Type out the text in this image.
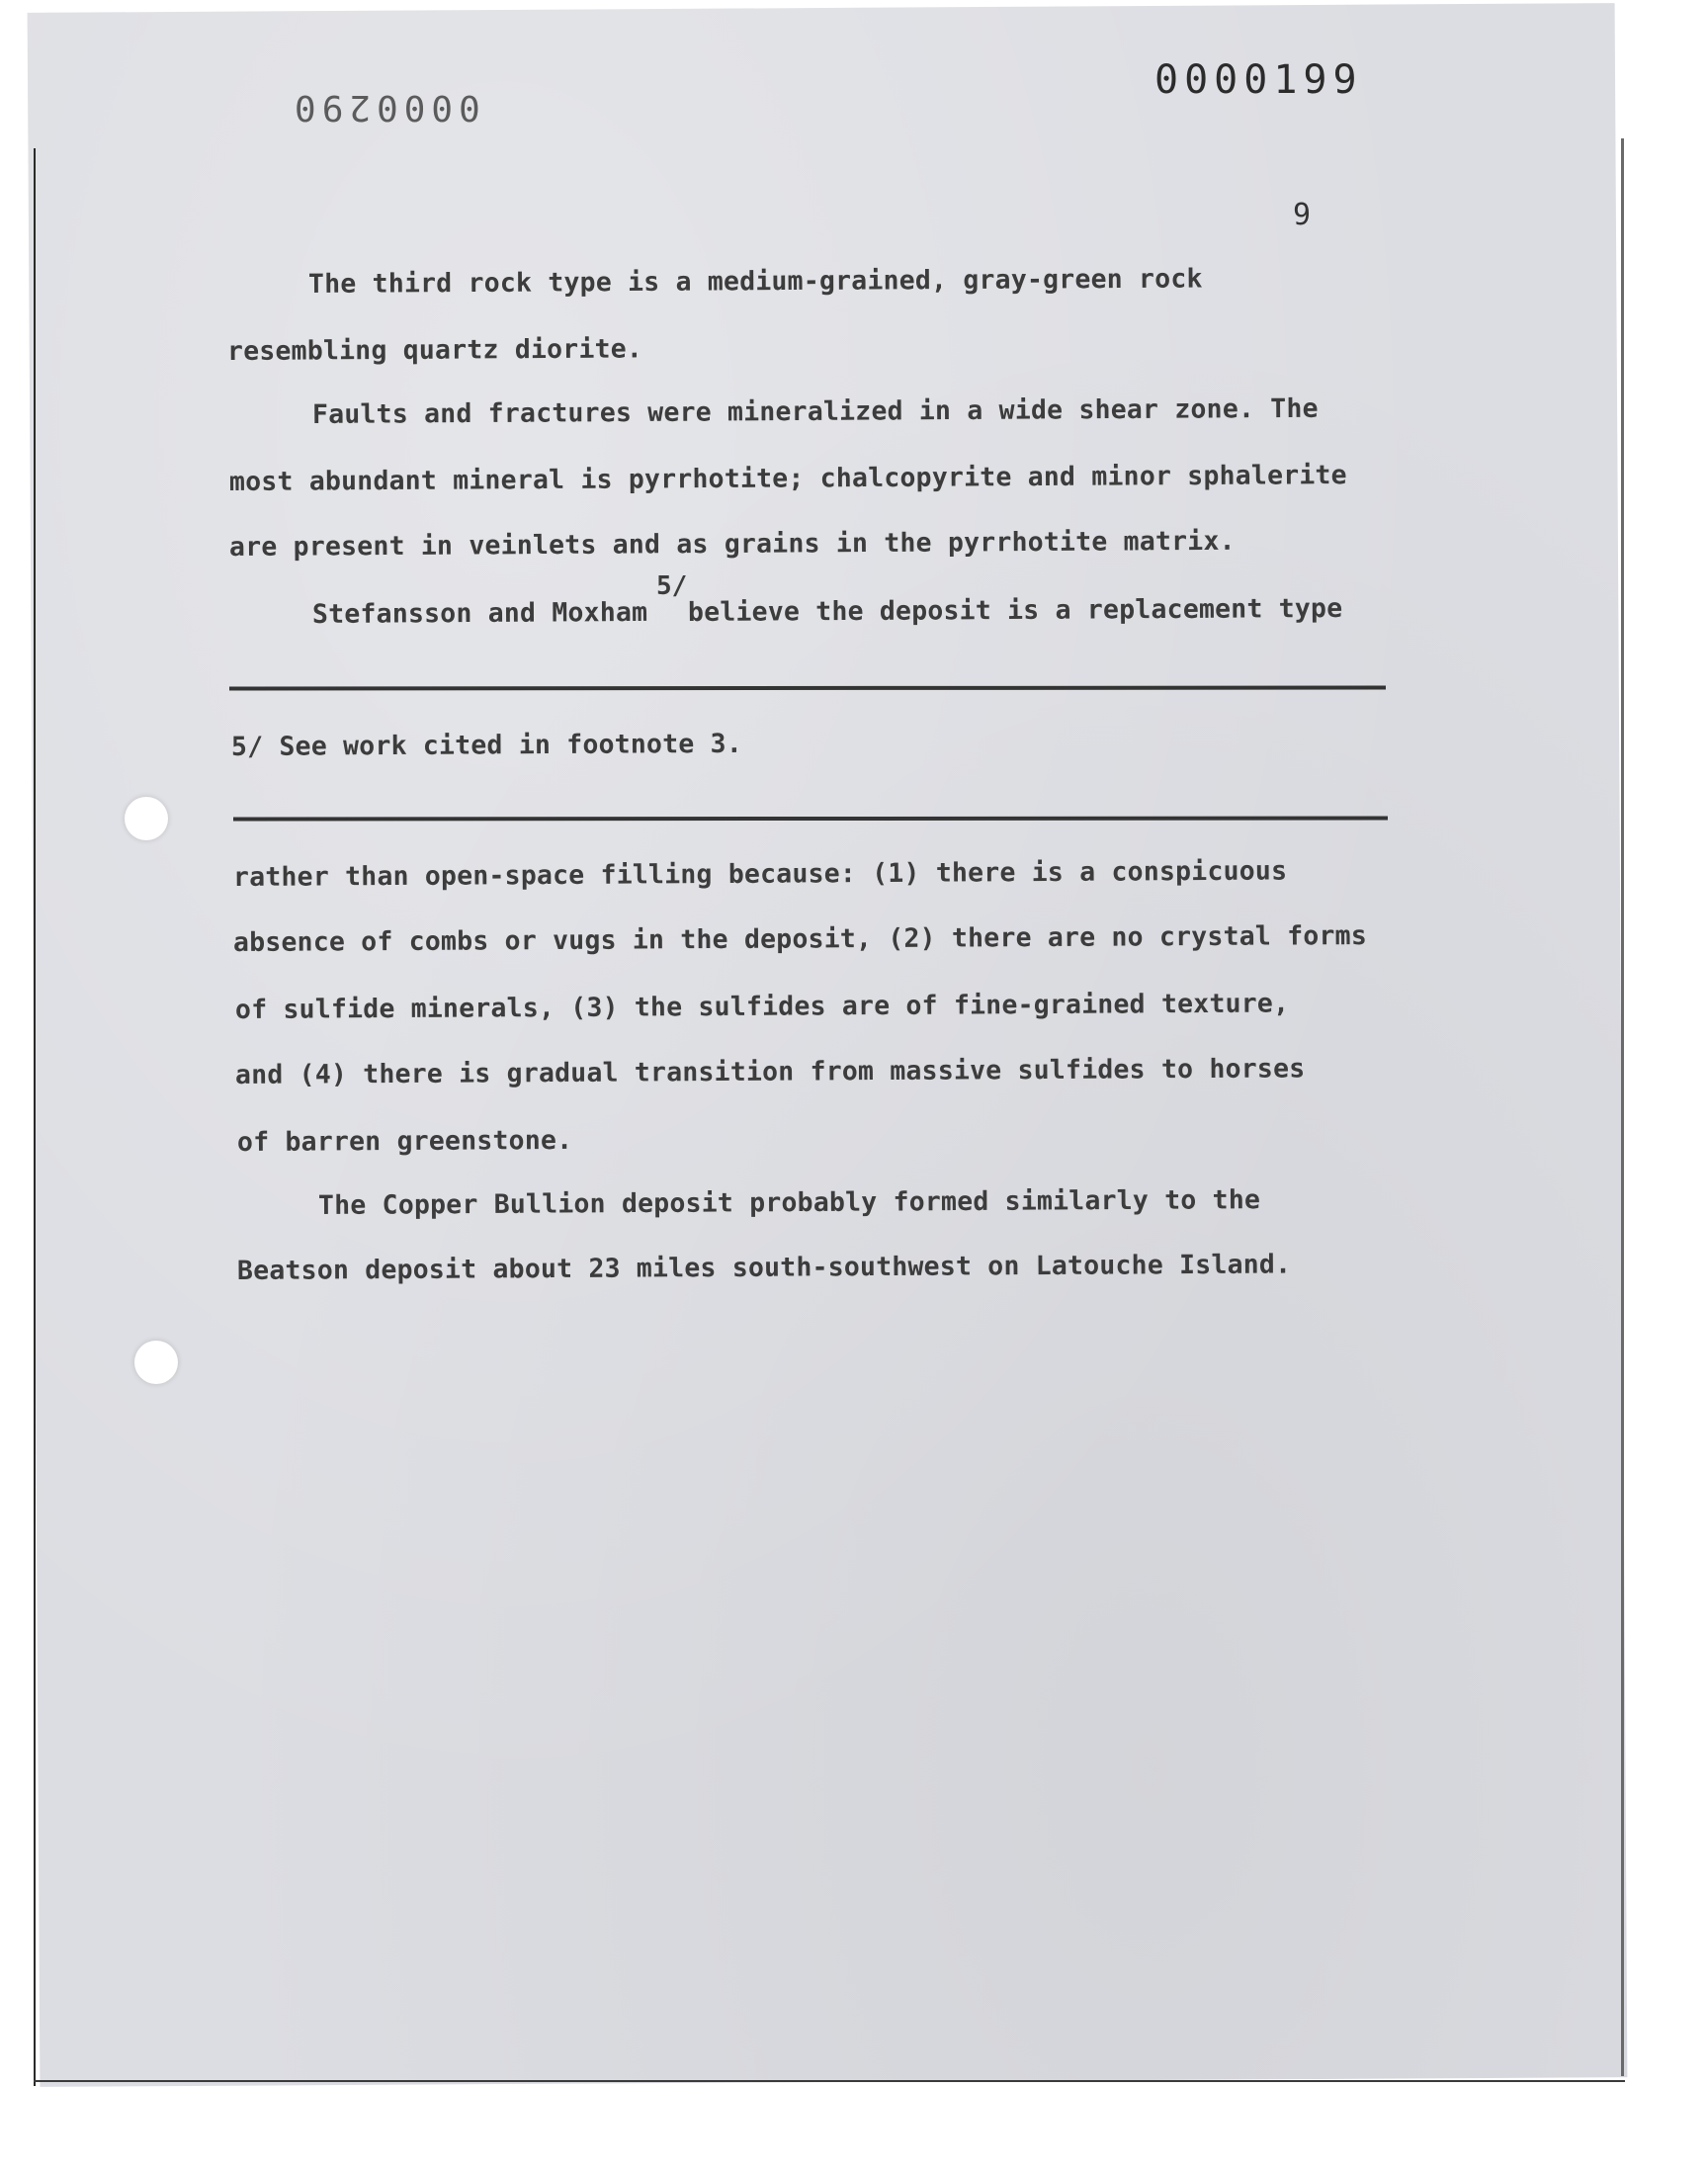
0000199
0000290
9
The third rock type is a medium-grained, gray-green rock
resembling quartz diorite.
Faults and fractures were mineralized in a wide shear zone. The
most abundant mineral is pyrrhotite; chalcopyrite and minor sphalerite
are present in veinlets and as grains in the pyrrhotite matrix.
Stefansson and Moxham
5/
believe the deposit is a replacement type
5/ See work cited in footnote 3.
rather than open-space filling because: (1) there is a conspicuous
absence of combs or vugs in the deposit, (2) there are no crystal forms
of sulfide minerals, (3) the sulfides are of fine-grained texture,
and (4) there is gradual transition from massive sulfides to horses
of barren greenstone.
The Copper Bullion deposit probably formed similarly to the
Beatson deposit about 23 miles south-southwest on Latouche Island.
